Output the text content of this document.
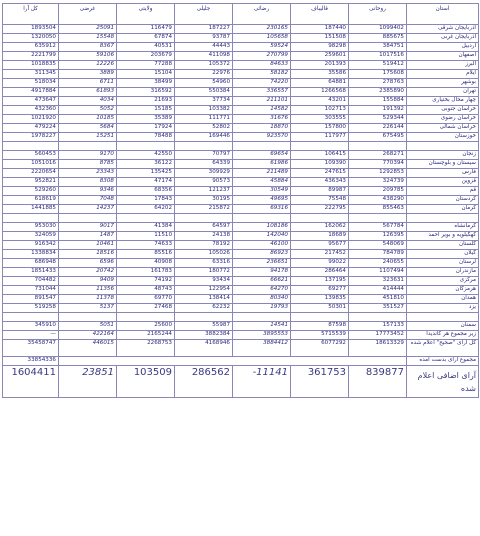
استان	روحانی	قالیباف	رضائی	جلیلی	ولایتی	غرضی	کل آرا
آذربایجان شرقی	1099402	187440	230165	187227	116479	25091	1893504
آذربایجان غربی	885675	151508	105658	93787	67874	15548	1320050
اردبیل	384751	98298	59524	44443	40531	8367	635912
اصفهان	1017516	259601	270799	411098	203679	59106	2221799
البرز	519412	201393	84633	105372	77288	12226	1018835
ایلام	175608	35586	58182	22976	15104	3889	311345
بوشهر	278763	64881	74220	54960	38499	6711	518034
تهران	2385890	1266568	336557	550384	316592	61893	4917884
چهار محال بختیاری	155884	43201	211101	37734	21693	4034	473647
خراسان جنوبی	191392	102713	14582	103382	15185	5052	432360
خراسان رضوی	529344	303555	31676	111771	35389	10185	1021920
خراسان شمالی	226144	157800	18870	52802	17924	5684	479224
خوزستان	675495	117977	923570	169446	78488	15251	1978227

زنجان	268271	106415	69654	70797	42550	9170	560453
سیستان و بلوچستان	770394	109390	61986	64339	36122	8785	1051016
فارس	1292853	247615	211489	309929	135425	23343	2220654
قزوین	324739	436343	45884	90573	47174	8308	952821
قم	209785	89987	30549	121237	68356	9346	529260
کردستان	438290	75548	49695	30195	17843	7048	618619
کرمان	855463	222795	69316	215872	64202	14237	1441885

کرمانشاه	567784	162062	108186	64597	41384	9017	953030
کهگیلویه و بویر احمد	126395	18689	142040	24138	11510	1487	324059
گلستان	548069	95677	46100	78192	74633	10461	916342
گیلان	784789	217452	86923	105026	85516	18516	1338834
لرستان	240655	99022	236651	63316	40908	6596	686948
مازندران	1107494	286464	94178	180772	161783	20742	1851433
مرکزی	323631	137195	66621	93434	74192	9409	704482
هرمزگان	414444	69277	64270	122954	48743	11356	731044
همدان	451810	139835	80340	138414	69770	11378	891547
یزد	351527	50301	19793	62232	27468	5137	519258

سمنان	157133	87598	14541	55987	25600	5051	345910
زیر مجموع هر کاندیدا	17773452	5715539	3895553	3882384	2165244	422164	—
کل آرای "صحیح" اعلام شده	18613329	6077292	3884412	4168946	2268753	446015	35458747
مجموع آرای بدست آمده							33854336
آرای اضافی اعلام شده	839877	361753	-11141	286562	103509	23851	1604411
